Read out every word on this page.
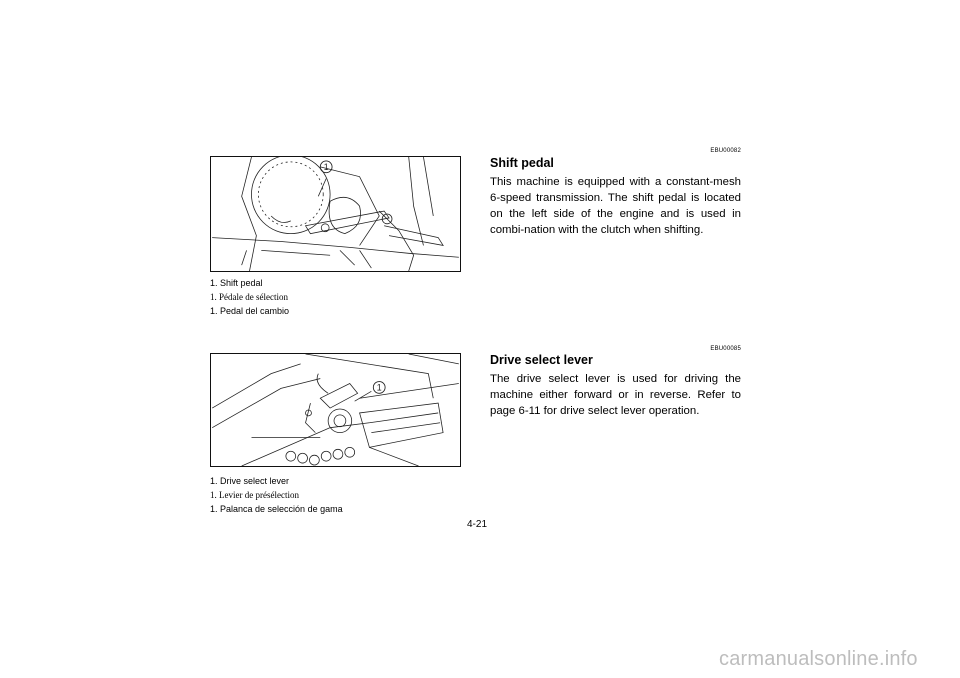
1
1. Shift pedal
1. Pédale de sélection
1. Pedal del cambio
1
1. Drive select lever
1. Levier de présélection
1. Palanca de selección de gama
EBU00082
Shift pedal
This machine is equipped with a constant-mesh 6-speed transmission. The shift pedal is located on the left side of the engine and is used in combi-nation with the clutch when shifting.
EBU00085
Drive select lever
The drive select lever is used for driving the machine either forward or in reverse. Refer to page 6-11 for drive select lever operation.
4-21
carmanualsonline.info
